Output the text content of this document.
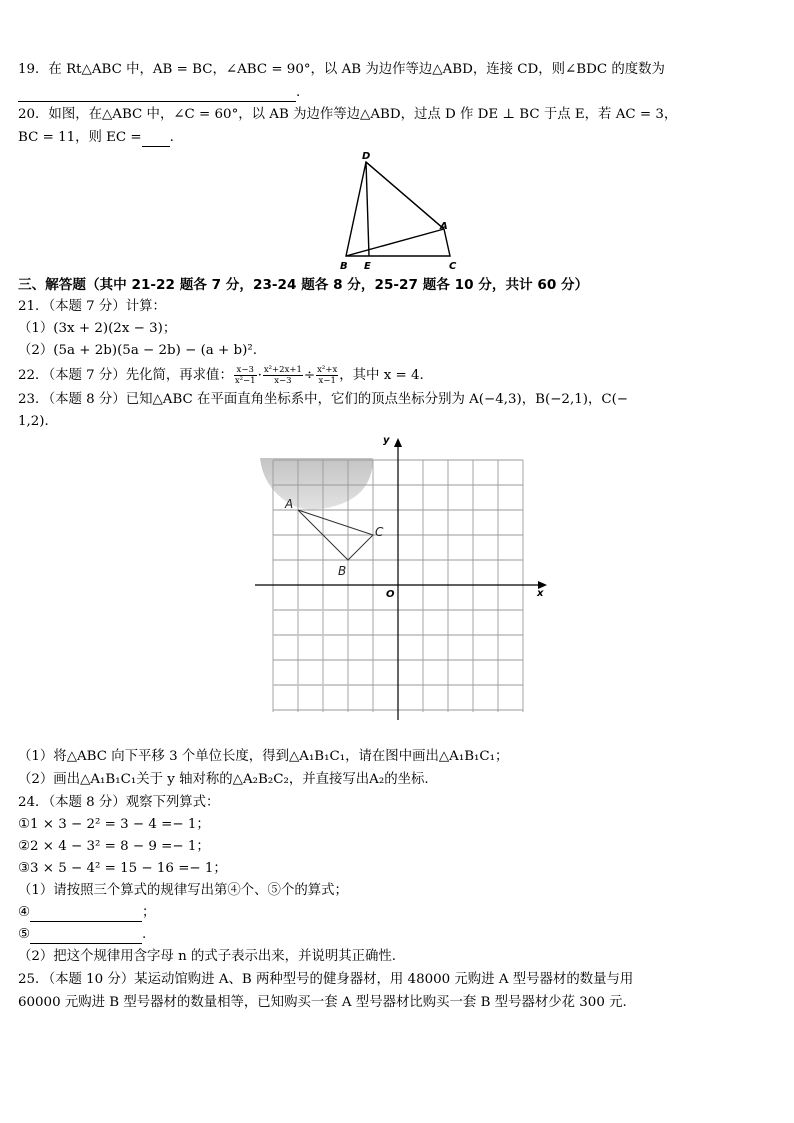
19．在 Rt△ABC 中，AB = BC，∠ABC = 90°，以 AB 为边作等边△ABD，连接 CD，则∠BDC 的度数为
.
20．如图，在△ABC 中，∠C = 60°，以 AB 为边作等边△ABD，过点 D 作 DE ⊥ BC 于点 E，若 AC = 3，
BC = 11，则 EC = .
D
A
B E	C
三、解答题（其中 21-22 题各 7 分，23-24 题各 8 分，25-27 题各 10 分，共计 60 分）
21．（本题 7 分）计算：
（1）(3x + 2)(2x − 3)；
（2）(5a + 2b)(5a − 2b) − (a + b)².
22．（本题 7 分）先化简，再求值： $\frac{x-3}{\text{x²−1}} \cdot \frac{\text{x²+2x+1}}{x-3} \div \frac{\text{x²+x}}{x-1}$ ，其中 x = 4.
23．（本题 8 分）已知△ABC 在平面直角坐标系中，它们的顶点坐标分别为 A(−4,3)，B(−2,1)，C(−
1,2).
y
x
O
A
B
C
（1）将△ABC 向下平移 3 个单位长度，得到△A₁B₁C₁，请在图中画出△A₁B₁C₁；
（2）画出△A₁B₁C₁关于 y 轴对称的△A₂B₂C₂，并直接写出A₂的坐标.
24．（本题 8 分）观察下列算式：
①1 × 3 − 2² = 3 − 4 =− 1；
②2 × 4 − 3² = 8 − 9 =− 1；
③3 × 5 − 4² = 15 − 16 =− 1；
（1）请按照三个算式的规律写出第④个、⑤个的算式；
④	；
⑤	.
（2）把这个规律用含字母 n 的式子表示出来，并说明其正确性.
25．（本题 10 分）某运动馆购进 A、B 两种型号的健身器材，用 48000 元购进 A 型号器材的数量与用
60000 元购进 B 型号器材的数量相等，已知购买一套 A 型号器材比购买一套 B 型号器材少花 300 元.
